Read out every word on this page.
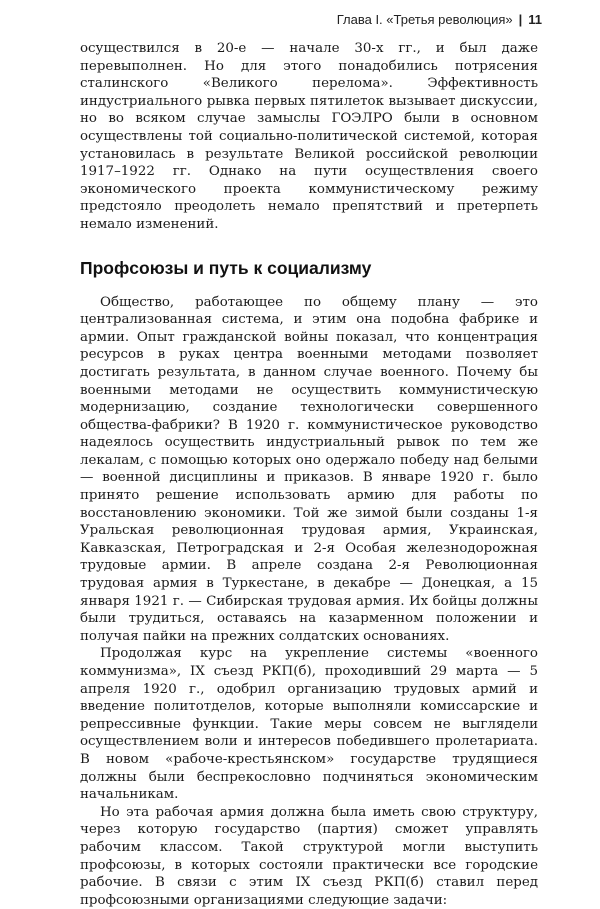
Глава I. «Третья революция» | 11

осуществился в 20-е — начале 30-х гг., и был даже перевыполнен. Но для этого понадобились потрясения сталинского «Великого перелома». Эффективность индустриального рывка первых пятилеток вызывает дискуссии, но во всяком случае замыслы ГОЭЛРО были в основном осуществлены той социально-политической системой, которая установилась в результате Великой российской революции 1917–1922 гг. Однако на пути осуществления своего экономического проекта коммунистическому режиму предстояло преодолеть немало препятствий и претерпеть немало изменений.

Профсоюзы и путь к социализму

Общество, работающее по общему плану — это централизованная система, и этим она подобна фабрике и армии. Опыт гражданской войны показал, что концентрация ресурсов в руках центра военными методами позволяет достигать результата, в данном случае военного. Почему бы военными методами не осуществить коммунистическую модернизацию, создание технологически совершенного общества-фабрики? В 1920 г. коммунистическое руководство надеялось осуществить индустриальный рывок по тем же лекалам, с помощью которых оно одержало победу над белыми — военной дисциплины и приказов. В январе 1920 г. было принято решение использовать армию для работы по восстановлению экономики. Той же зимой были созданы 1-я Уральская революционная трудовая армия, Украинская, Кавказская, Петроградская и 2-я Особая железнодорожная трудовые армии. В апреле создана 2-я Революционная трудовая армия в Туркестане, в декабре — Донецкая, а 15 января 1921 г. — Сибирская трудовая армия. Их бойцы должны были трудиться, оставаясь на казарменном положении и получая пайки на прежних солдатских основаниях.

Продолжая курс на укрепление системы «военного коммунизма», IX съезд РКП(б), проходивший 29 марта — 5 апреля 1920 г., одобрил организацию трудовых армий и введение политотделов, которые выполняли комиссарские и репрессивные функции. Такие меры совсем не выглядели осуществлением воли и интересов победившего пролетариата. В новом «рабоче-крестьянском» государстве трудящиеся должны были беспрекословно подчиняться экономическим начальникам.

Но эта рабочая армия должна была иметь свою структуру, через которую государство (партия) сможет управлять рабочим классом. Такой структурой могли выступить профсоюзы, в которых состояли практически все городские рабочие. В связи с этим IX съезд РКП(б) ставил перед профсоюзными организациями следующие задачи:
